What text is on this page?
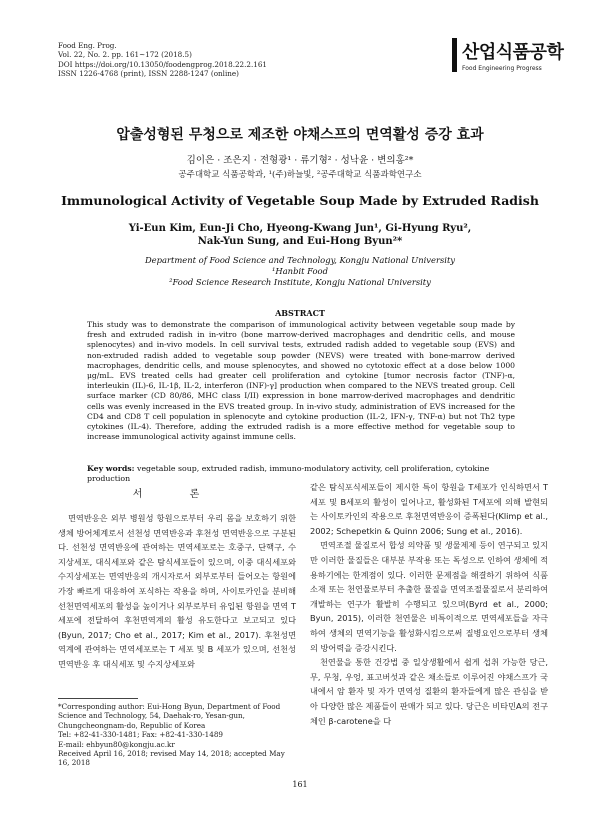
Food Eng. Prog.
Vol. 22, No. 2. pp. 161~172 (2018.5)
DOI https://doi.org/10.13050/foodengprog.2018.22.2.161
ISSN 1226-4768 (print), ISSN 2288-1247 (online)
산업식품공학
Food Engineering Progress
압출성형된 무청으로 제조한 야채스프의 면역활성 증강 효과
김이은 · 조은지 · 전형광¹ · 류기형² · 성낙윤 · 변의홍²*
공주대학교 식품공학과, ¹(주)하늘빛, ²공주대학교 식품과학연구소
Immunological Activity of Vegetable Soup Made by Extruded Radish
Yi-Eun Kim, Eun-Ji Cho, Hyeong-Kwang Jun¹, Gi-Hyung Ryu²,
Nak-Yun Sung, and Eui-Hong Byun²*
Department of Food Science and Technology, Kongju National University
¹Hanbit Food
²Food Science Research Institute, Kongju National University
ABSTRACT
This study was to demonstrate the comparison of immunological activity between vegetable soup made by fresh and extruded radish in in-vitro (bone marrow-derived macrophages and dendritic cells, and mouse splenocytes) and in-vivo models. In cell survival tests, extruded radish added to vegetable soup (EVS) and non-extruded radish added to vegetable soup powder (NEVS) were treated with bone-marrow derived macrophages, dendritic cells, and mouse splenocytes, and showed no cytotoxic effect at a dose below 1000 μg/mL. EVS treated cells had greater cell proliferation and cytokine [tumor necrosis factor (TNF)-α, interleukin (IL)-6, IL-1β, IL-2, interferon (INF)-γ] production when compared to the NEVS treated group. Cell surface marker (CD 80/86, MHC class I/II) expression in bone marrow-derived macrophages and dendritic cells was evenly increased in the EVS treated group. In in-vivo study, administration of EVS increased for the CD4 and CD8 T cell population in splenocyte and cytokine production (IL-2, IFN-γ, TNF-α) but not Th2 type cytokines (IL-4). Therefore, adding the extruded radish is a more effective method for vegetable soup to increase immunological activity against immune cells.
Key words: vegetable soup, extruded radish, immuno-modulatory activity, cell proliferation, cytokine production
서 론

면역반응은 외부 병원성 항원으로부터 우리 몸을 보호하기 위한 생체 방어체계로서 선천성 면역반응과 후천성 면역반응으로 구분된다. 선천성 면역반응에 관여하는 면역세포로는 호중구, 단핵구, 수지상세포, 대식세포와 같은 탐식세포들이 있으며, 이중 대식세포와 수지상세포는 면역반응의 개시자로서 외부로부터 들어오는 항원에 가장 빠르게 대응하여 포식하는 작용을 하며, 사이토카인을 분비해 선천면역세포의 활성을 높이거나 외부로부터 유입된 항원을 면역 T세포에 전달하여 후천면역계의 활성 유도한다고 보고되고 있다(Byun, 2017; Cho et al., 2017; Kim et al., 2017). 후천성면역계에 관여하는 면역세포로는 T 세포 및 B 세포가 있으며, 선천성 면역반응 후 대식세포 및 수지상세포와

같은 탐식포식세포들이 제시한 특이 항원을 T세포가 인식하면서 T세포 및 B세포의 활성이 일어나고, 활성화된 T세포에 의해 발현되는 사이토카인의 작용으로 후천면역반응이 증폭된다(Klimp et al., 2002; Schepetkin & Quinn 2006; Sung et al., 2016).

면역조절 물질로서 합성 의약품 및 생물제제 등이 연구되고 있지만 이러한 물질들은 대부분 부작용 또는 독성으로 인하여 생체에 적용하기에는 한계점이 있다. 이러한 문제점을 해결하기 위하여 식품소재 또는 천연물로부터 추출한 물질을 면역조절물질로서 분리하여 개발하는 연구가 활발히 수행되고 있으며(Byrd et al., 2000; Byun, 2015), 이러한 천연물은 비특이적으로 면역세포들을 자극하여 생체의 면역기능을 활성화시킴으로써 질병요인으로부터 생체의 방어력을 증강시킨다.

천연물을 통한 건강법 중 일상생활에서 쉽게 섭취 가능한 당근, 무, 무청, 우엉, 표고버섯과 같은 채소들로 이루어진 야채스프가 국내에서 암 환자 및 자가 면역성 질환의 환자들에게 많은 관심을 받아 다양한 많은 제품들이 판매가 되고 있다. 당근은 비타민A의 전구체인 β-carotene을 다

*Corresponding author: Eui-Hong Byun, Department of Food Science and Technology, 54, Daehak-ro, Yesan-gun, Chungcheongnam-do, Republic of Korea
Tel: +82-41-330-1481; Fax: +82-41-330-1489
E-mail: ehbyun80@kongju.ac.kr
Received April 16, 2018; revised May 14, 2018; accepted May 16, 2018
161
